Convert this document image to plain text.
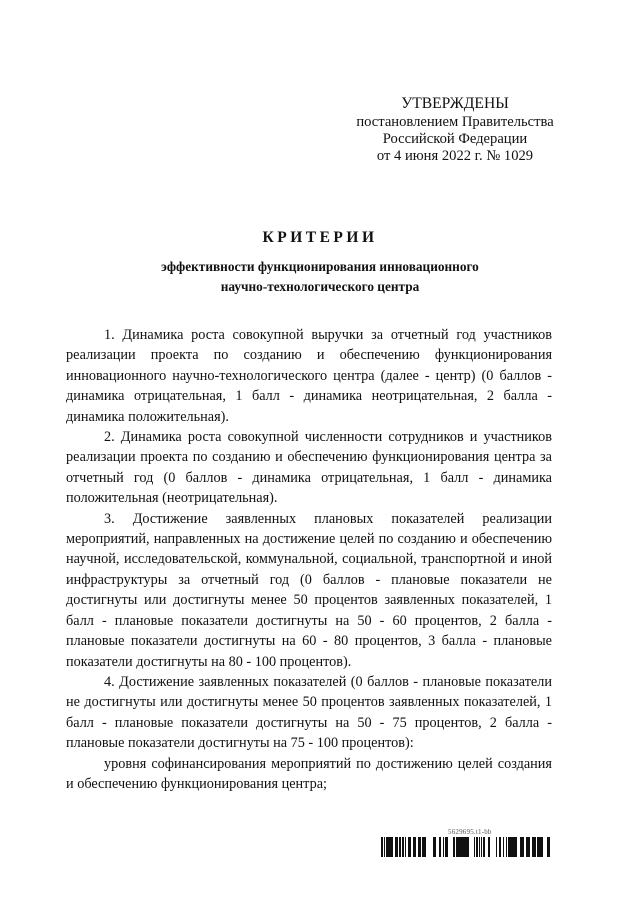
УТВЕРЖДЕНЫ
постановлением Правительства
Российской Федерации
от 4 июня 2022 г. № 1029
КРИТЕРИИ
эффективности функционирования инновационного
научно-технологического центра

1. Динамика роста совокупной выручки за отчетный год участников реализации проекта по созданию и обеспечению функционирования инновационного научно-технологического центра (далее - центр) (0 баллов - динамика отрицательная, 1 балл - динамика неотрицательная, 2 балла - динамика положительная).

2. Динамика роста совокупной численности сотрудников и участников реализации проекта по созданию и обеспечению функционирования центра за отчетный год (0 баллов - динамика отрицательная, 1 балл - динамика положительная (неотрицательная).

3. Достижение заявленных плановых показателей реализации мероприятий, направленных на достижение целей по созданию и обеспечению научной, исследовательской, коммунальной, социальной, транспортной и иной инфраструктуры за отчетный год (0 баллов - плановые показатели не достигнуты или достигнуты менее 50 процентов заявленных показателей, 1 балл - плановые показатели достигнуты на 50 - 60 процентов, 2 балла - плановые показатели достигнуты на 60 - 80 процентов, 3 балла - плановые показатели достигнуты на 80 - 100 процентов).

4. Достижение заявленных показателей (0 баллов - плановые показатели не достигнуты или достигнуты менее 50 процентов заявленных показателей, 1 балл - плановые показатели достигнуты на 50 - 75 процентов, 2 балла - плановые показатели достигнуты на 75 - 100 процентов):

уровня софинансирования мероприятий по достижению целей создания и обеспечению функционирования центра;

5629695.t1-bb
